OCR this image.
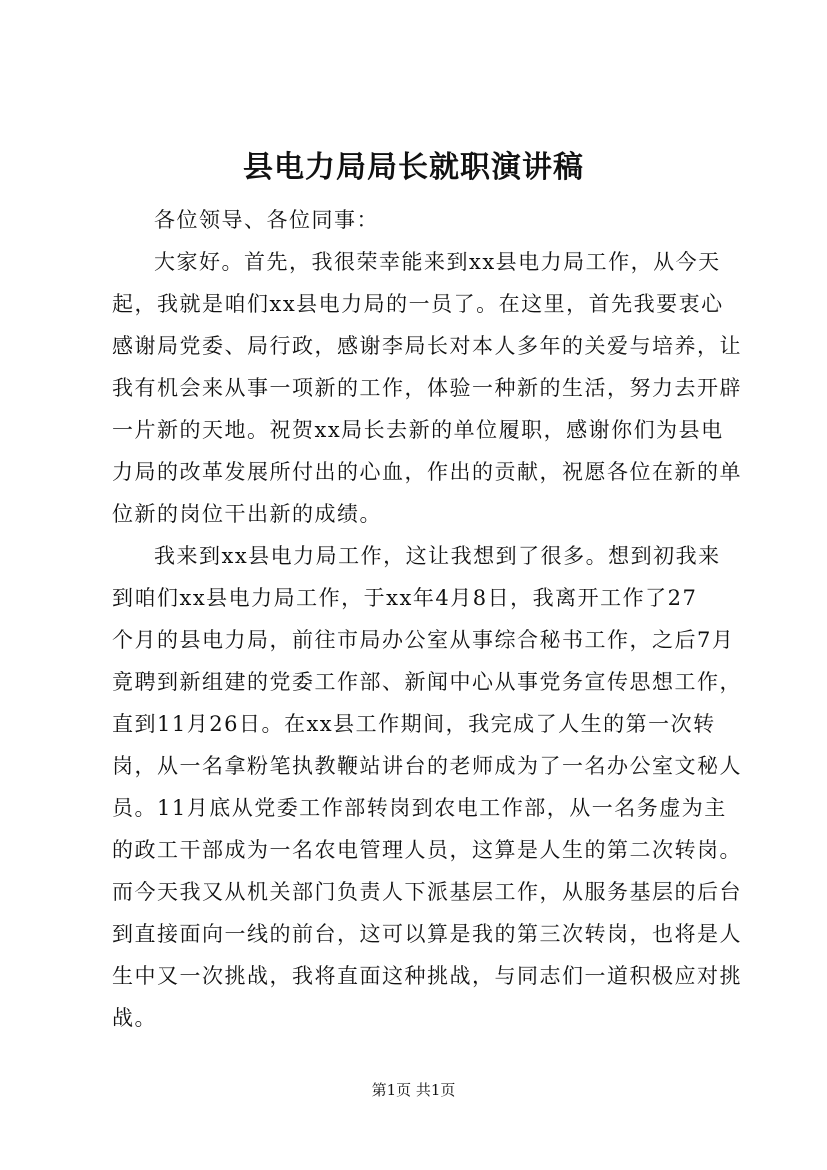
县电力局局长就职演讲稿
各位领导、各位同事：
大家好。首先，我很荣幸能来到xx县电力局工作，从今天
起，我就是咱们xx县电力局的一员了。在这里，首先我要衷心
感谢局党委、局行政，感谢李局长对本人多年的关爱与培养，让
我有机会来从事一项新的工作，体验一种新的生活，努力去开辟
一片新的天地。祝贺xx局长去新的单位履职，感谢你们为县电
力局的改革发展所付出的心血，作出的贡献，祝愿各位在新的单
位新的岗位干出新的成绩。
我来到xx县电力局工作，这让我想到了很多。想到初我来
到咱们xx县电力局工作，于xx年4月8日，我离开工作了27
个月的县电力局，前往市局办公室从事综合秘书工作，之后7月
竟聘到新组建的党委工作部、新闻中心从事党务宣传思想工作，
直到11月26日。在xx县工作期间，我完成了人生的第一次转
岗，从一名拿粉笔执教鞭站讲台的老师成为了一名办公室文秘人
员。11月底从党委工作部转岗到农电工作部，从一名务虚为主
的政工干部成为一名农电管理人员，这算是人生的第二次转岗。
而今天我又从机关部门负责人下派基层工作，从服务基层的后台
到直接面向一线的前台，这可以算是我的第三次转岗，也将是人
生中又一次挑战，我将直面这种挑战，与同志们一道积极应对挑
战。
第1页 共1页
